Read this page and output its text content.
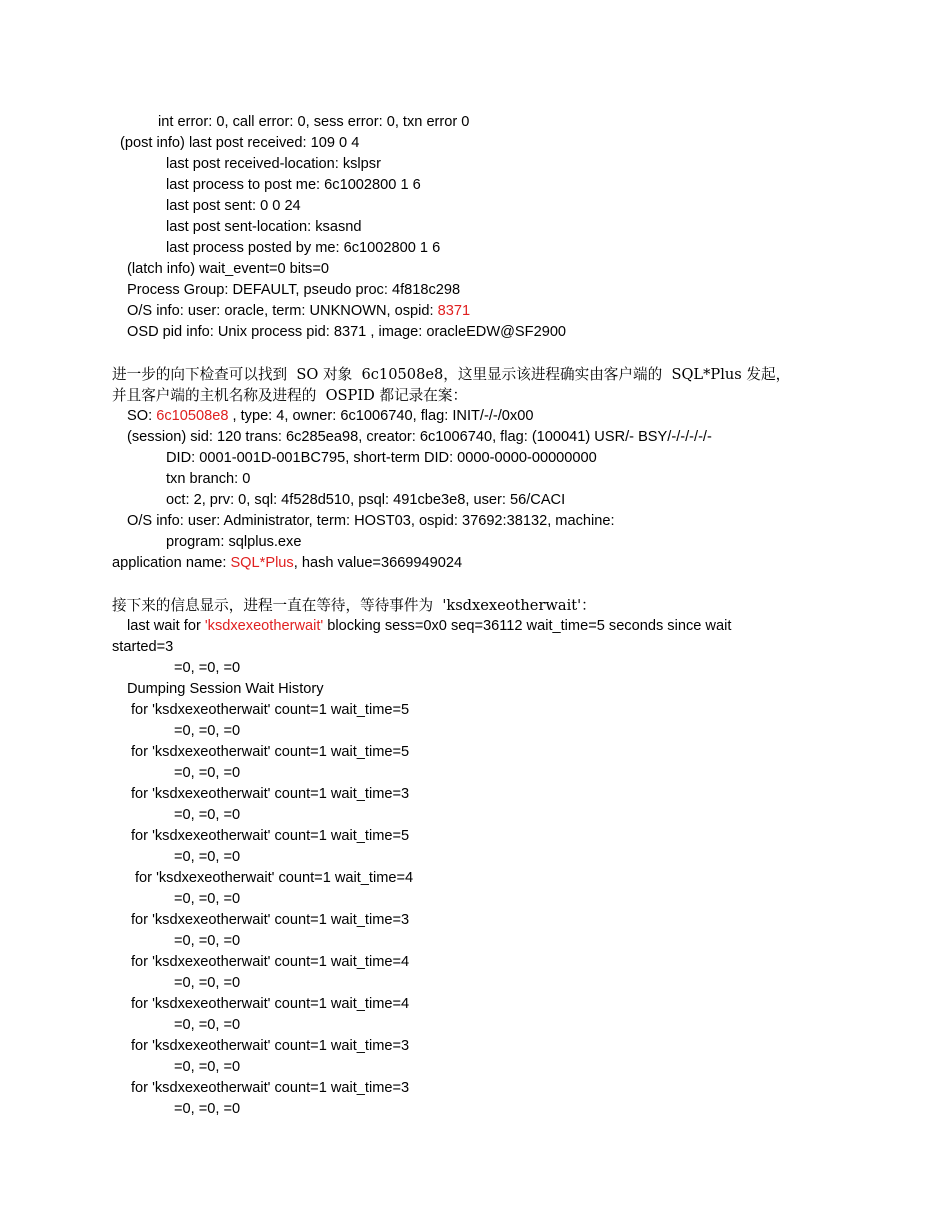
int error: 0, call error: 0, sess error: 0, txn error 0
(post info) last post received: 109 0 4
last post received-location: kslpsr
last process to post me: 6c1002800 1 6
last post sent: 0 0 24
last post sent-location: ksasnd
last process posted by me: 6c1002800 1 6
(latch info) wait_event=0 bits=0
Process Group: DEFAULT, pseudo proc: 4f818c298
O/S info: user: oracle, term: UNKNOWN, ospid: 8371
OSD pid info: Unix process pid: 8371 , image: oracleEDW@SF2900
进一步的向下检查可以找到  SO 对象  6c10508e8，这里显示该进程确实由客户端的  SQL*Plus 发起，
并且客户端的主机名称及进程的  OSPID 都记录在案：
SO: 6c10508e8 , type: 4, owner: 6c1006740, flag: INIT/-/-/0x00
(session) sid: 120 trans: 6c285ea98, creator: 6c1006740, flag: (100041) USR/- BSY/-/-/-/-/-
DID: 0001-001D-001BC795, short-term DID: 0000-0000-00000000
txn branch: 0
oct: 2, prv: 0, sql: 4f528d510, psql: 491cbe3e8, user: 56/CACI
O/S info: user: Administrator, term: HOST03, ospid: 37692:38132, machine:
program: sqlplus.exe
application name: SQL*Plus, hash value=3669949024
接下来的信息显示，进程一直在等待，等待事件为  'ksdxexeotherwait'：
last wait for 'ksdxexeotherwait' blocking sess=0x0 seq=36112 wait_time=5 seconds since wait
started=3
=0, =0, =0
Dumping Session Wait History
for 'ksdxexeotherwait' count=1 wait_time=5
=0, =0, =0
for 'ksdxexeotherwait' count=1 wait_time=5
=0, =0, =0
for 'ksdxexeotherwait' count=1 wait_time=3
=0, =0, =0
for 'ksdxexeotherwait' count=1 wait_time=5
=0, =0, =0
for 'ksdxexeotherwait' count=1 wait_time=4
=0, =0, =0
for 'ksdxexeotherwait' count=1 wait_time=3
=0, =0, =0
for 'ksdxexeotherwait' count=1 wait_time=4
=0, =0, =0
for 'ksdxexeotherwait' count=1 wait_time=4
=0, =0, =0
for 'ksdxexeotherwait' count=1 wait_time=3
=0, =0, =0
for 'ksdxexeotherwait' count=1 wait_time=3
=0, =0, =0
